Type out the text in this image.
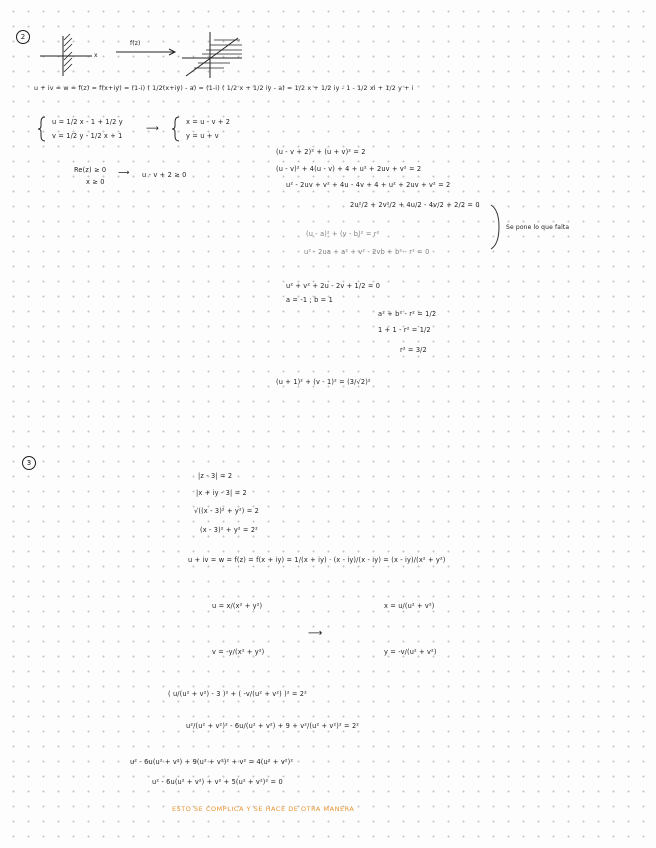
2
x
f(z)
u + iv = w = f(z) = f(x+iy) = (1-i) ( 1/2(x+iy) - a) = (1-i) ( 1/2 x + 1/2 iy - a) = 1/2 x + 1/2 iy - 1 - 1/2 xi + 1/2 y + i
u = 1/2 x - 1 + 1/2 y
v = 1/2 y - 1/2 x + 1
⟶
x = u - v + 2
y = u + v
Re(z) ≥ 0
x ≥ 0
⟶ u - v + 2 ≥ 0
(u - v + 2)² + (u + v)² = 2
(u - v)² + 4(u - v) + 4 + u² + 2uv + v² = 2
u² - 2uv + v² + 4u - 4v + 4 + u² + 2uv + v² = 2
2u²/2 + 2v²/2 + 4u/2 - 4v/2 + 2/2 = 0
(u - a)² + (v - b)² = r²
u² - 2ua + a² + v² - 2vb + b² - r² = 0
Se pone lo que falta
u² + v² + 2u - 2v + 1/2 = 0
a = -1 ; b = 1
a² + b² - r² = 1/2
1 + 1 - r² = 1/2
r² = 3/2
(u + 1)² + (v - 1)² = (3/√2)²
3
|z - 3| = 2
|x + iy - 3| = 2
√((x - 3)² + y²) = 2
(x - 3)² + y² = 2²
u + iv = w = f(z) = f(x + iy) = 1/(x + iy) · (x - iy)/(x - iy) = (x - iy)/(x² + y²)
u = x/(x² + y²)	x = u/(u² + v²)
⟶
v = -y/(x² + y²)	y = -v/(u² + v²)
( u/(u² + v²) - 3 )² + ( -v/(u² + v²) )² = 2²
u²/(u² + v²)² - 6u/(u² + v²) + 9 + v²/(u² + v²)² = 2²
u² - 6u(u² + v²) + 9(u² + v²)² + v² = 4(u² + v²)²
u² - 6u(u² + v²) + v² + 5(u² + v²)² = 0
ESTO SE COMPLICA Y SE HACE DE OTRA MANERA
